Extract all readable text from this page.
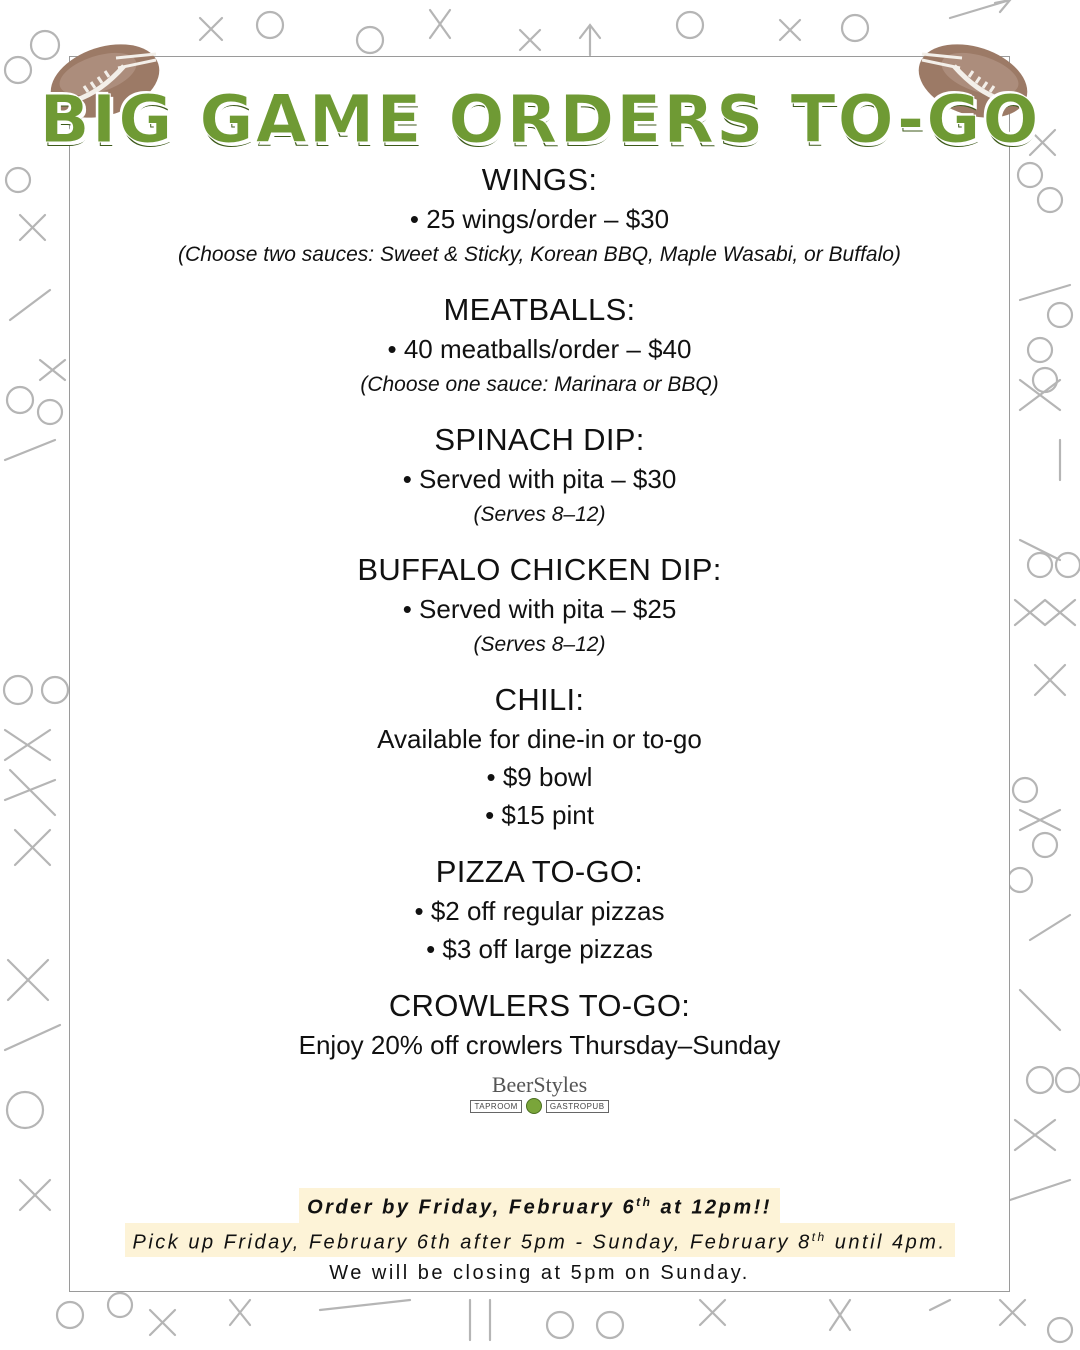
BIG GAME ORDERS TO-GO

WINGS:

• 25 wings/order – $30

(Choose two sauces: Sweet & Sticky, Korean BBQ, Maple Wasabi, or Buffalo)

MEATBALLS:

• 40 meatballs/order – $40

(Choose one sauce: Marinara or BBQ)

SPINACH DIP:

• Served with pita – $30

(Serves 8–12)

BUFFALO CHICKEN DIP:

• Served with pita – $25

(Serves 8–12)

CHILI:

Available for dine-in or to-go

• $9 bowl

• $15 pint

PIZZA TO-GO:

• $2 off regular pizzas

• $3 off large pizzas

CROWLERS TO-GO:

Enjoy 20% off crowlers Thursday–Sunday

BeerStyles
TAPROOM	GASTROPUB
Order by Friday, February 6th at 12pm!!
Pick up Friday, February 6th after 5pm - Sunday, February 8th until 4pm.

We will be closing at 5pm on Sunday.
